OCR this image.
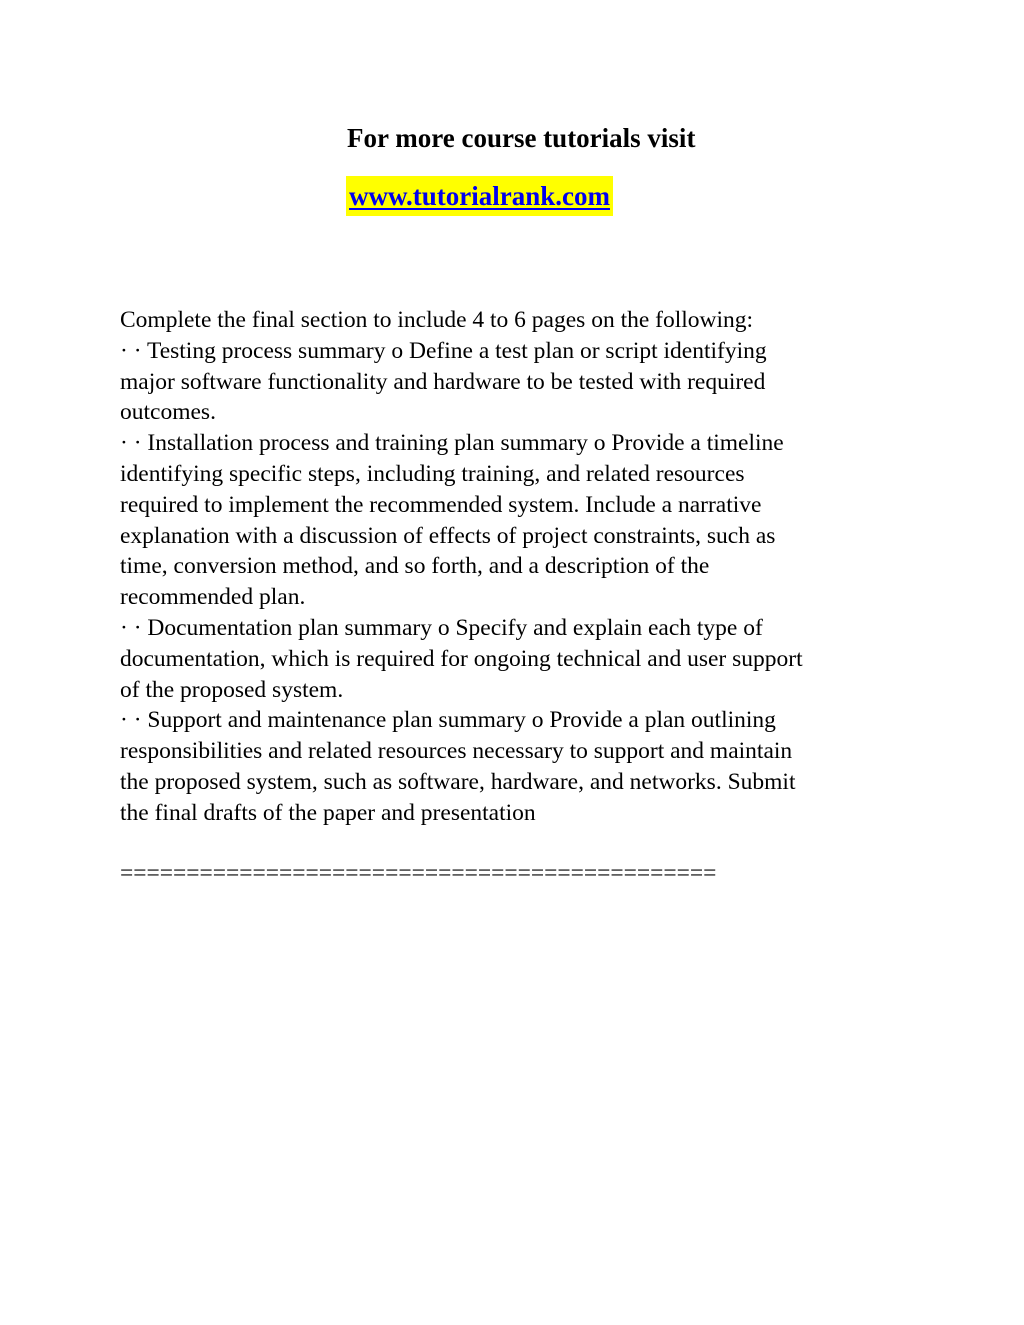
For more course tutorials visit
www.tutorialrank.com
Complete the final section to include 4 to 6 pages on the following:
· · Testing process summary o Define a test plan or script identifying
major software functionality and hardware to be tested with required
outcomes.
· · Installation process and training plan summary o Provide a timeline
identifying specific steps, including training, and related resources
required to implement the recommended system. Include a narrative
explanation with a discussion of effects of project constraints, such as
time, conversion method, and so forth, and a description of the
recommended plan.
· · Documentation plan summary o Specify and explain each type of
documentation, which is required for ongoing technical and user support
of the proposed system.
· · Support and maintenance plan summary o Provide a plan outlining
responsibilities and related resources necessary to support and maintain
the proposed system, such as software, hardware, and networks. Submit
the final drafts of the paper and presentation
=============================================
